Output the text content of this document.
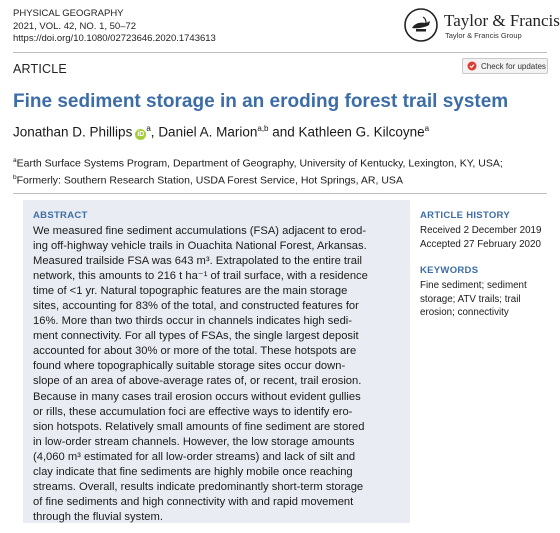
PHYSICAL GEOGRAPHY
2021, VOL. 42, NO. 1, 50–72
https://doi.org/10.1080/02723646.2020.1743613
Taylor & Francis
Taylor & Francis Group
ARTICLE	Check for updates
Fine sediment storage in an eroding forest trail system
Jonathan D. Phillips $iD^a$, Daniel A. Marion$^{a,b}$ and Kathleen G. Kilcoyne$^a$
$^a$Earth Surface Systems Program, Department of Geography, University of Kentucky, Lexington, KY, USA;
$^b$Formerly: Southern Research Station, USDA Forest Service, Hot Springs, AR, USA
ABSTRACT
We measured fine sediment accumulations (FSA) adjacent to erod-
ing off-highway vehicle trails in Ouachita National Forest, Arkansas.
Measured trailside FSA was 643 m³. Extrapolated to the entire trail
network, this amounts to 216 t ha⁻¹ of trail surface, with a residence
time of <1 yr. Natural topographic features are the main storage
sites, accounting for 83% of the total, and constructed features for
16%. More than two thirds occur in channels indicates high sedi-
ment connectivity. For all types of FSAs, the single largest deposit
accounted for about 30% or more of the total. These hotspots are
found where topographically suitable storage sites occur down-
slope of an area of above-average rates of, or recent, trail erosion.
Because in many cases trail erosion occurs without evident gullies
or rills, these accumulation foci are effective ways to identify ero-
sion hotspots. Relatively small amounts of fine sediment are stored
in low-order stream channels. However, the low storage amounts
(4,060 m³ estimated for all low-order streams) and lack of silt and
clay indicate that fine sediments are highly mobile once reaching
streams. Overall, results indicate predominantly short-term storage
of fine sediments and high connectivity with and rapid movement
through the fluvial system.
ARTICLE HISTORY
Received 2 December 2019
Accepted 27 February 2020
KEYWORDS
Fine sediment; sediment
storage; ATV trails; trail
erosion; connectivity
